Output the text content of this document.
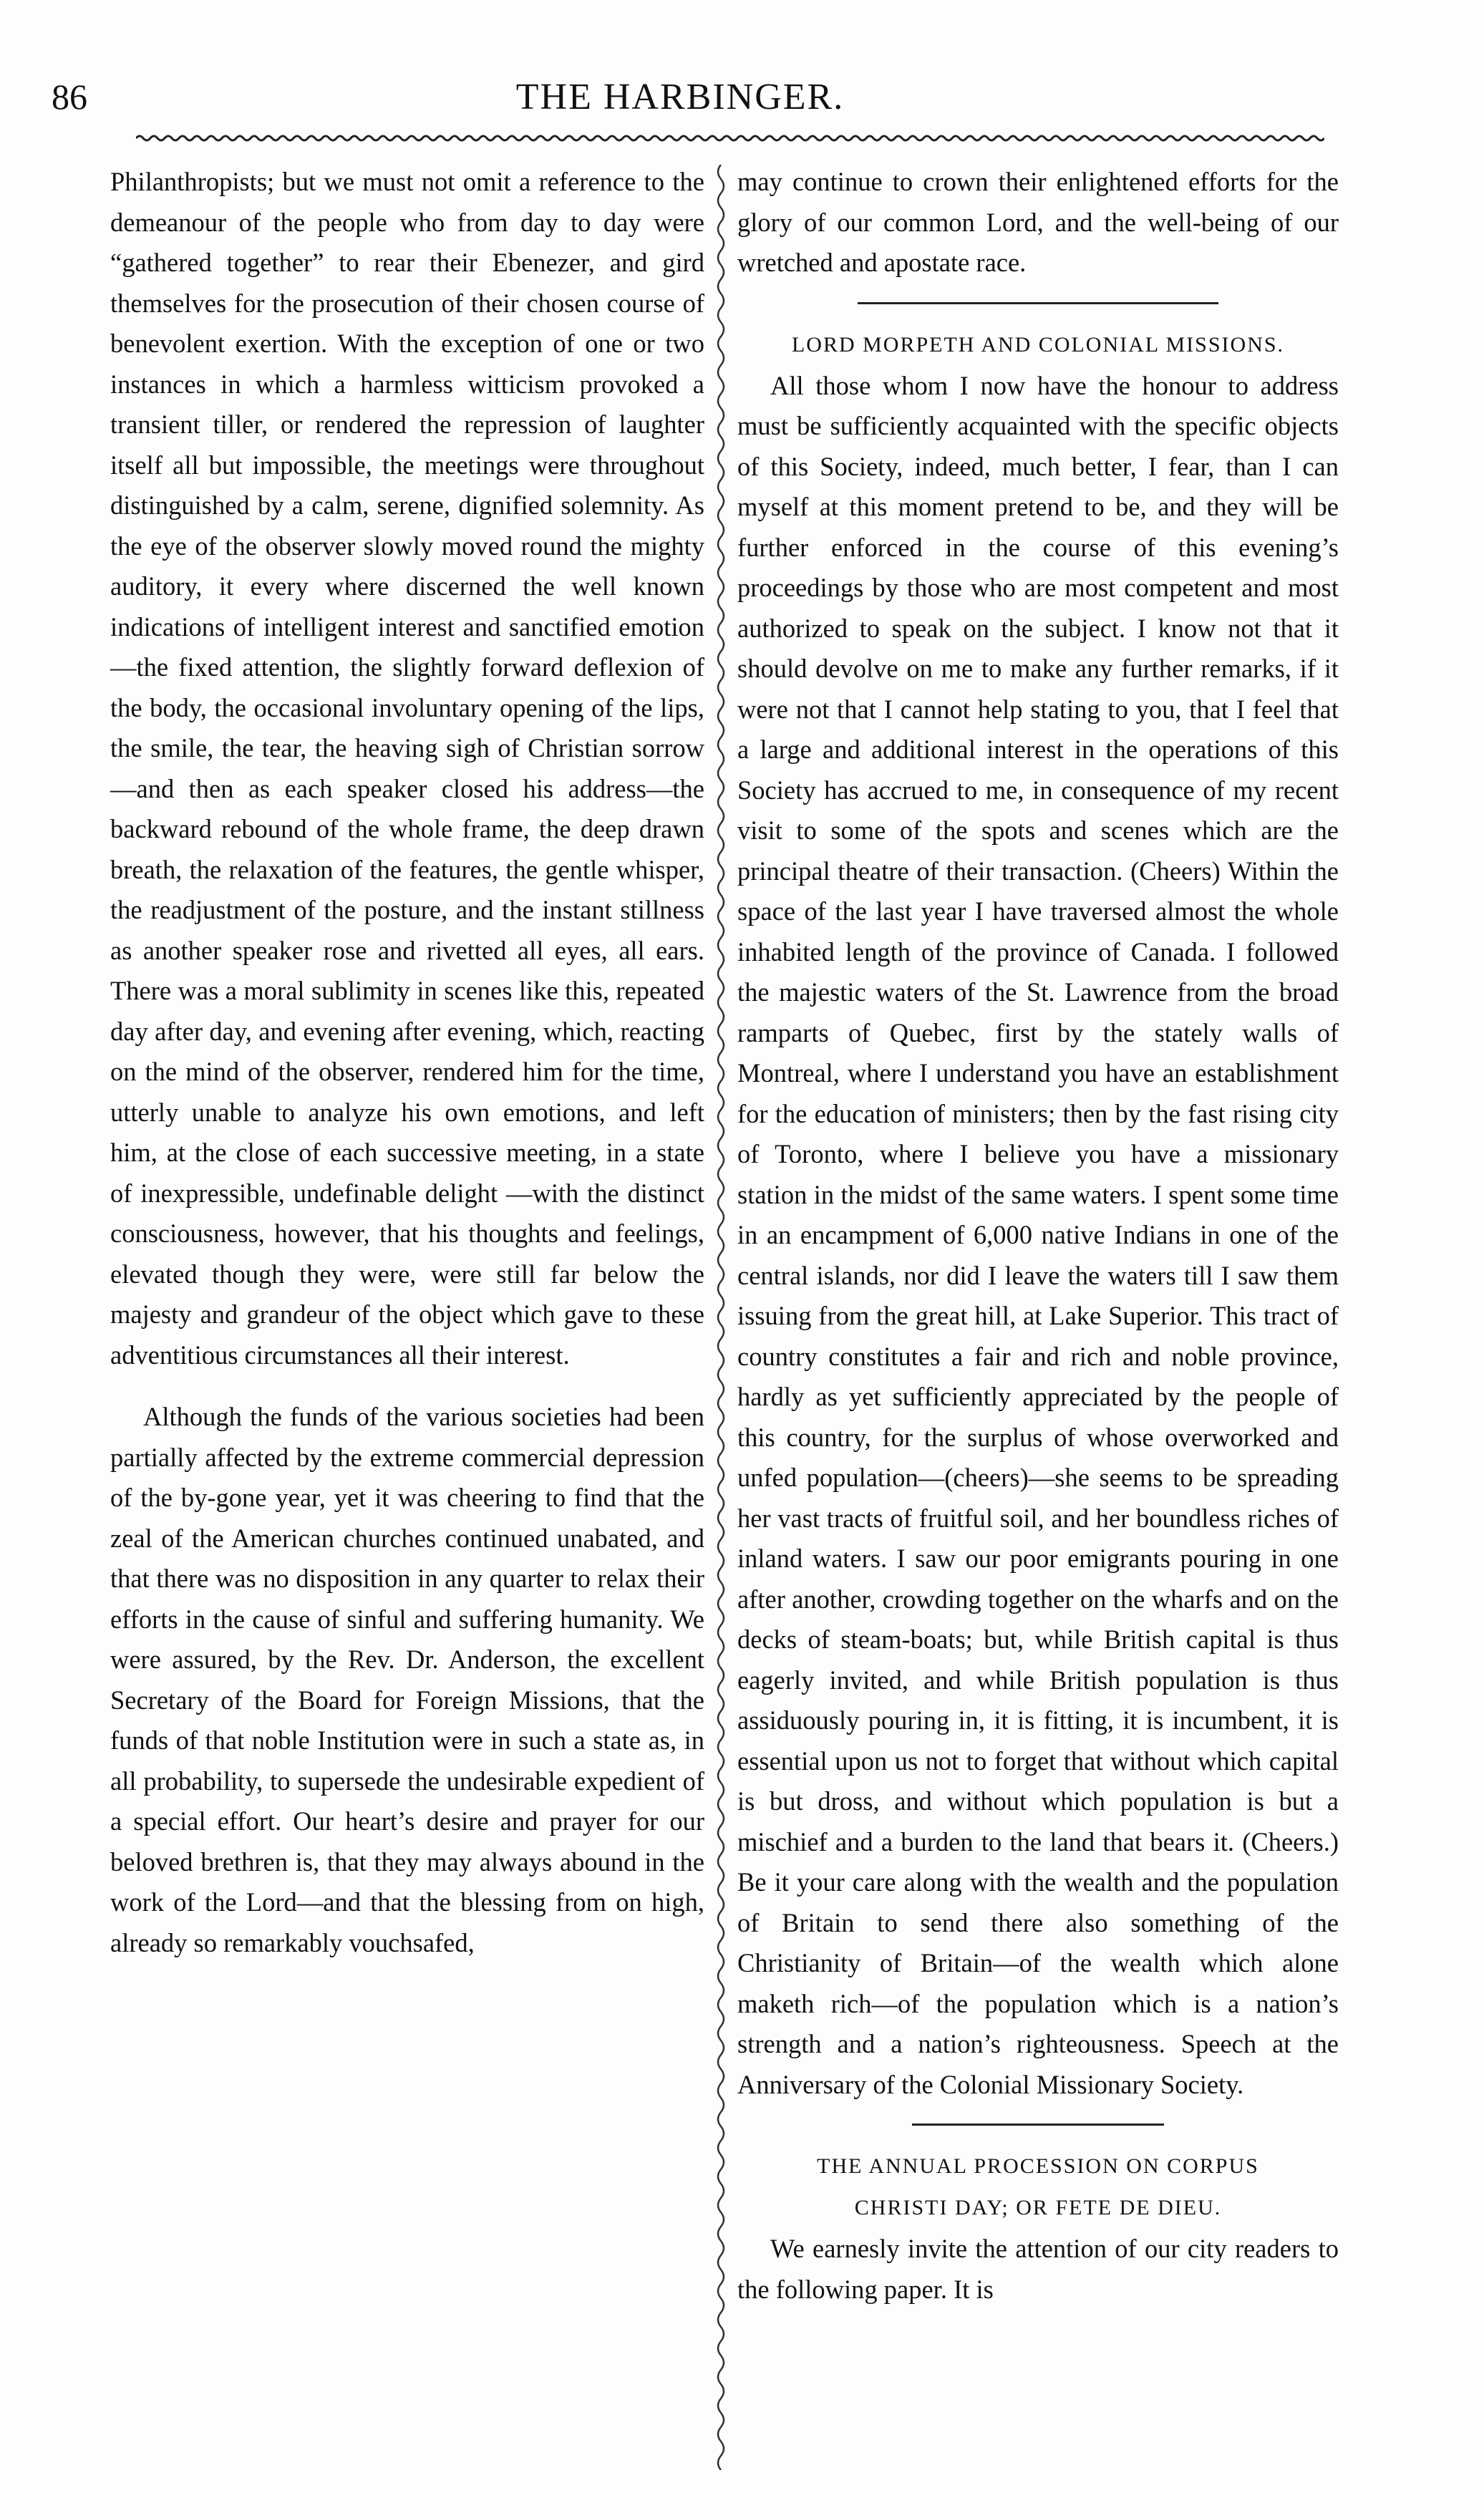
86	THE HARBINGER.

Philanthropists; but we must not omit a reference to the demeanour of the people who from day to day were “gathered together” to rear their Ebenezer, and gird themselves for the prosecution of their chosen course of benevolent exertion. With the exception of one or two instances in which a harmless witticism provoked a transient tiller, or rendered the repression of laughter itself all but impossible, the meetings were throughout distinguished by a calm, serene, dignified solemnity. As the eye of the observer slowly moved round the mighty auditory, it every where discerned the well known indications of intelligent interest and sanctified emotion—the fixed attention, the slightly forward deflexion of the body, the occasional involuntary opening of the lips, the smile, the tear, the heaving sigh of Christian sorrow—and then as each speaker closed his address—the backward rebound of the whole frame, the deep drawn breath, the relaxation of the features, the gentle whisper, the readjustment of the posture, and the instant stillness as another speaker rose and rivetted all eyes, all ears. There was a moral sublimity in scenes like this, repeated day after day, and evening after evening, which, reacting on the mind of the observer, rendered him for the time, utterly unable to analyze his own emotions, and left him, at the close of each successive meeting, in a state of inexpressible, undefinable delight —with the distinct consciousness, however, that his thoughts and feelings, elevated though they were, were still far below the majesty and grandeur of the object which gave to these adventitious circumstances all their interest.

Although the funds of the various societies had been partially affected by the extreme commercial depression of the by-gone year, yet it was cheering to find that the zeal of the American churches continued unabated, and that there was no disposition in any quarter to relax their efforts in the cause of sinful and suffering humanity. We were assured, by the Rev. Dr. Anderson, the excellent Secretary of the Board for Foreign Missions, that the funds of that noble Institution were in such a state as, in all probability, to supersede the undesirable expedient of a special effort. Our heart’s desire and prayer for our beloved brethren is, that they may always abound in the work of the Lord—and that the blessing from on high, already so remarkably vouchsafed,

may continue to crown their enlightened efforts for the glory of our common Lord, and the well-being of our wretched and apostate race.

LORD MORPETH AND COLONIAL MISSIONS.

All those whom I now have the honour to address must be sufficiently acquainted with the specific objects of this Society, indeed, much better, I fear, than I can myself at this moment pretend to be, and they will be further enforced in the course of this evening’s proceedings by those who are most competent and most authorized to speak on the subject. I know not that it should devolve on me to make any further remarks, if it were not that I cannot help stating to you, that I feel that a large and additional interest in the operations of this Society has accrued to me, in consequence of my recent visit to some of the spots and scenes which are the principal theatre of their transaction. (Cheers) Within the space of the last year I have traversed almost the whole inhabited length of the province of Canada. I followed the majestic waters of the St. Lawrence from the broad ramparts of Quebec, first by the stately walls of Montreal, where I understand you have an establishment for the education of ministers; then by the fast rising city of Toronto, where I believe you have a missionary station in the midst of the same waters. I spent some time in an encampment of 6,000 native Indians in one of the central islands, nor did I leave the waters till I saw them issuing from the great hill, at Lake Superior. This tract of country constitutes a fair and rich and noble province, hardly as yet sufficiently appreciated by the people of this country, for the surplus of whose overworked and unfed population—(cheers)—she seems to be spreading her vast tracts of fruitful soil, and her boundless riches of inland waters. I saw our poor emigrants pouring in one after another, crowding together on the wharfs and on the decks of steam-boats; but, while British capital is thus eagerly invited, and while British population is thus assiduously pouring in, it is fitting, it is incumbent, it is essential upon us not to forget that without which capital is but dross, and without which population is but a mischief and a burden to the land that bears it. (Cheers.) Be it your care along with the wealth and the population of Britain to send there also something of the Christianity of Britain—of the wealth which alone maketh rich—of the population which is a nation’s strength and a nation’s righteousness. Speech at the Anniversary of the Colonial Missionary Society.

THE ANNUAL PROCESSION ON CORPUS

CHRISTI DAY; OR FETE DE DIEU.

We earnesly invite the attention of our city readers to the following paper. It is
